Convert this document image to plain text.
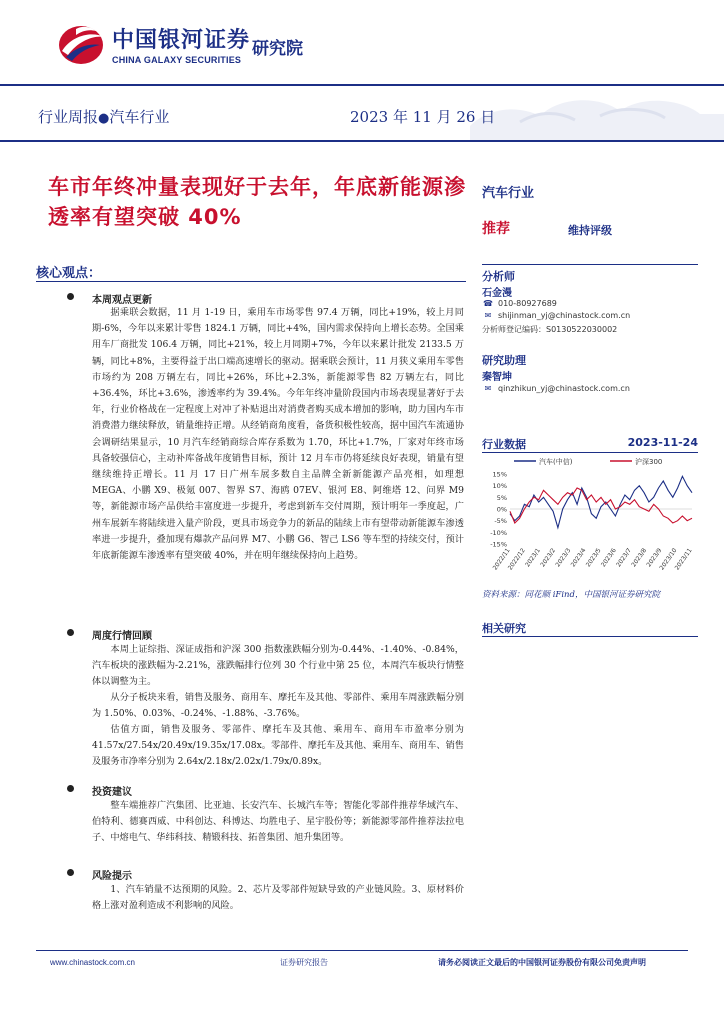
中国银河证券
CHINA GALAXY SECURITIES
研究院
行业周报●汽车行业	2023 年 11 月 26 日
车市年终冲量表现好于去年，年底新能源渗透率有望突破 40%
汽车行业
推荐	维持评级
分析师
石金漫
☎ 010-80927689
✉ shijinman_yj@chinastock.com.cn
分析师登记编码：S0130522030002
研究助理
秦智坤
✉ qinzhikun_yj@chinastock.com.cn
行业数据	2023-11-24
汽车(中信)	沪深300
15%
10%
5%
0%
-5%
-10%
-15%
2022/11
2022/12
2023/1
2023/2
2023/3
2023/4
2023/5
2023/6
2023/7
2023/8
2023/9
2023/10
2023/11
资料来源：同花顺 iFind，中国银河证券研究院
相关研究
核心观点：
本周观点更新
据乘联会数据，11 月 1-19 日，乘用车市场零售 97.4 万辆，同比+19%，较上月同期-6%，今年以来累计零售 1824.1 万辆，同比+4%，国内需求保持向上增长态势。全国乘用车厂商批发 106.4 万辆，同比+21%，较上月同期+7%，今年以来累计批发 2133.5 万辆，同比+8%，主要得益于出口端高速增长的驱动。据乘联会预计，11 月狭义乘用车零售市场约为 208 万辆左右，同比+26%，环比+2.3%，新能源零售 82 万辆左右，同比+36.4%，环比+3.6%，渗透率约为 39.4%。今年年终冲量阶段国内市场表现显著好于去年，行业价格战在一定程度上对冲了补贴退出对消费者购买成本增加的影响，助力国内车市消费潜力继续释放，销量维持正增。从经销商角度看，备货积极性较高，据中国汽车流通协会调研结果显示，10 月汽车经销商综合库存系数为 1.70，环比+1.7%，厂家对年终市场具备较强信心，主动补库备战年度销售目标，预计 12 月车市仍将延续良好表现，销量有望继续维持正增长。11 月 17 日广州车展多数自主品牌全新新能源产品亮相，如理想 MEGA、小鹏 X9、极氪 007、智界 S7、海鸥 07EV、银河 E8、阿维塔 12、问界 M9 等，新能源市场产品供给丰富度进一步提升，考虑到新车交付周期，预计明年一季度起，广州车展新车将陆续进入量产阶段，更具市场竞争力的新品的陆续上市有望带动新能源车渗透率进一步提升，叠加现有爆款产品问界 M7、小鹏 G6、智己 LS6 等车型的持续交付，预计年底新能源车渗透率有望突破 40%，并在明年继续保持向上趋势。
周度行情回顾
本周上证综指、深证成指和沪深 300 指数涨跌幅分别为-0.44%、-1.40%、-0.84%，汽车板块的涨跌幅为-2.21%，涨跌幅排行位列 30 个行业中第 25 位，本周汽车板块行情整体以调整为主。
从分子板块来看，销售及服务、商用车、摩托车及其他、零部件、乘用车周涨跌幅分别为 1.50%、0.03%、-0.24%、-1.88%、-3.76%。
估值方面，销售及服务、零部件、摩托车及其他、乘用车、商用车市盈率分别为 41.57x/27.54x/20.49x/19.35x/17.08x。零部件、摩托车及其他、乘用车、商用车、销售及服务市净率分别为 2.64x/2.18x/2.02x/1.79x/0.89x。
投资建议
整车端推荐广汽集团、比亚迪、长安汽车、长城汽车等；智能化零部件推荐华域汽车、伯特利、德赛西威、中科创达、科博达、均胜电子、星宇股份等；新能源零部件推荐法拉电子、中熔电气、华纬科技、精锻科技、拓普集团、旭升集团等。
风险提示
1、汽车销量不达预期的风险。2、芯片及零部件短缺导致的产业链风险。3、原材料价格上涨对盈利造成不利影响的风险。
www.chinastock.com.cn	证券研究报告	请务必阅读正文最后的中国银河证券股份有限公司免责声明
